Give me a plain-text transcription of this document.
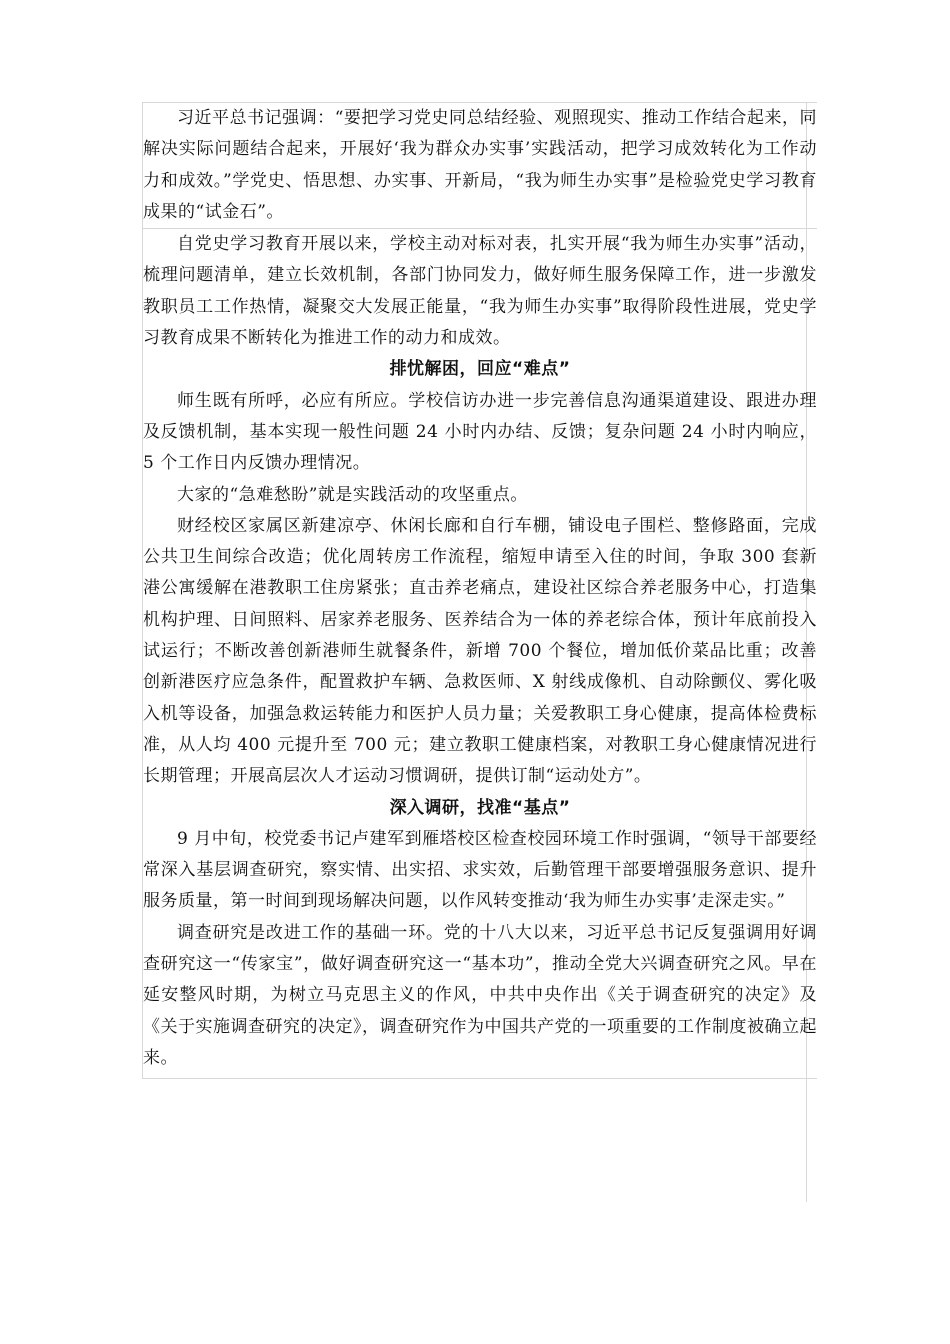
习近平总书记强调：“要把学习党史同总结经验、观照现实、推动工作结合起来，同解决实际问题结合起来，开展好‘我为群众办实事’实践活动，把学习成效转化为工作动力和成效。”学党史、悟思想、办实事、开新局，“我为师生办实事”是检验党史学习教育成果的“试金石”。

自党史学习教育开展以来，学校主动对标对表，扎实开展“我为师生办实事”活动，梳理问题清单，建立长效机制，各部门协同发力，做好师生服务保障工作，进一步激发教职员工工作热情，凝聚交大发展正能量，“我为师生办实事”取得阶段性进展，党史学习教育成果不断转化为推进工作的动力和成效。

排忧解困，回应“难点”

师生既有所呼，必应有所应。学校信访办进一步完善信息沟通渠道建设、跟进办理及反馈机制，基本实现一般性问题 24 小时内办结、反馈；复杂问题 24 小时内响应，5 个工作日内反馈办理情况。

大家的“急难愁盼”就是实践活动的攻坚重点。

财经校区家属区新建凉亭、休闲长廊和自行车棚，铺设电子围栏、整修路面，完成公共卫生间综合改造；优化周转房工作流程，缩短申请至入住的时间，争取 300 套新港公寓缓解在港教职工住房紧张；直击养老痛点，建设社区综合养老服务中心，打造集机构护理、日间照料、居家养老服务、医养结合为一体的养老综合体，预计年底前投入试运行；不断改善创新港师生就餐条件，新增 700 个餐位，增加低价菜品比重；改善创新港医疗应急条件，配置救护车辆、急救医师、X 射线成像机、自动除颤仪、雾化吸入机等设备，加强急救运转能力和医护人员力量；关爱教职工身心健康，提高体检费标准，从人均 400 元提升至 700 元；建立教职工健康档案，对教职工身心健康情况进行长期管理；开展高层次人才运动习惯调研，提供订制“运动处方”。

深入调研，找准“基点”

9 月中旬，校党委书记卢建军到雁塔校区检查校园环境工作时强调，“领导干部要经常深入基层调查研究，察实情、出实招、求实效，后勤管理干部要增强服务意识、提升服务质量，第一时间到现场解决问题，以作风转变推动‘我为师生办实事’走深走实。”

调查研究是改进工作的基础一环。党的十八大以来，习近平总书记反复强调用好调查研究这一“传家宝”，做好调查研究这一“基本功”，推动全党大兴调查研究之风。早在延安整风时期，为树立马克思主义的作风，中共中央作出《关于调查研究的决定》及《关于实施调查研究的决定》，调查研究作为中国共产党的一项重要的工作制度被确立起来。
